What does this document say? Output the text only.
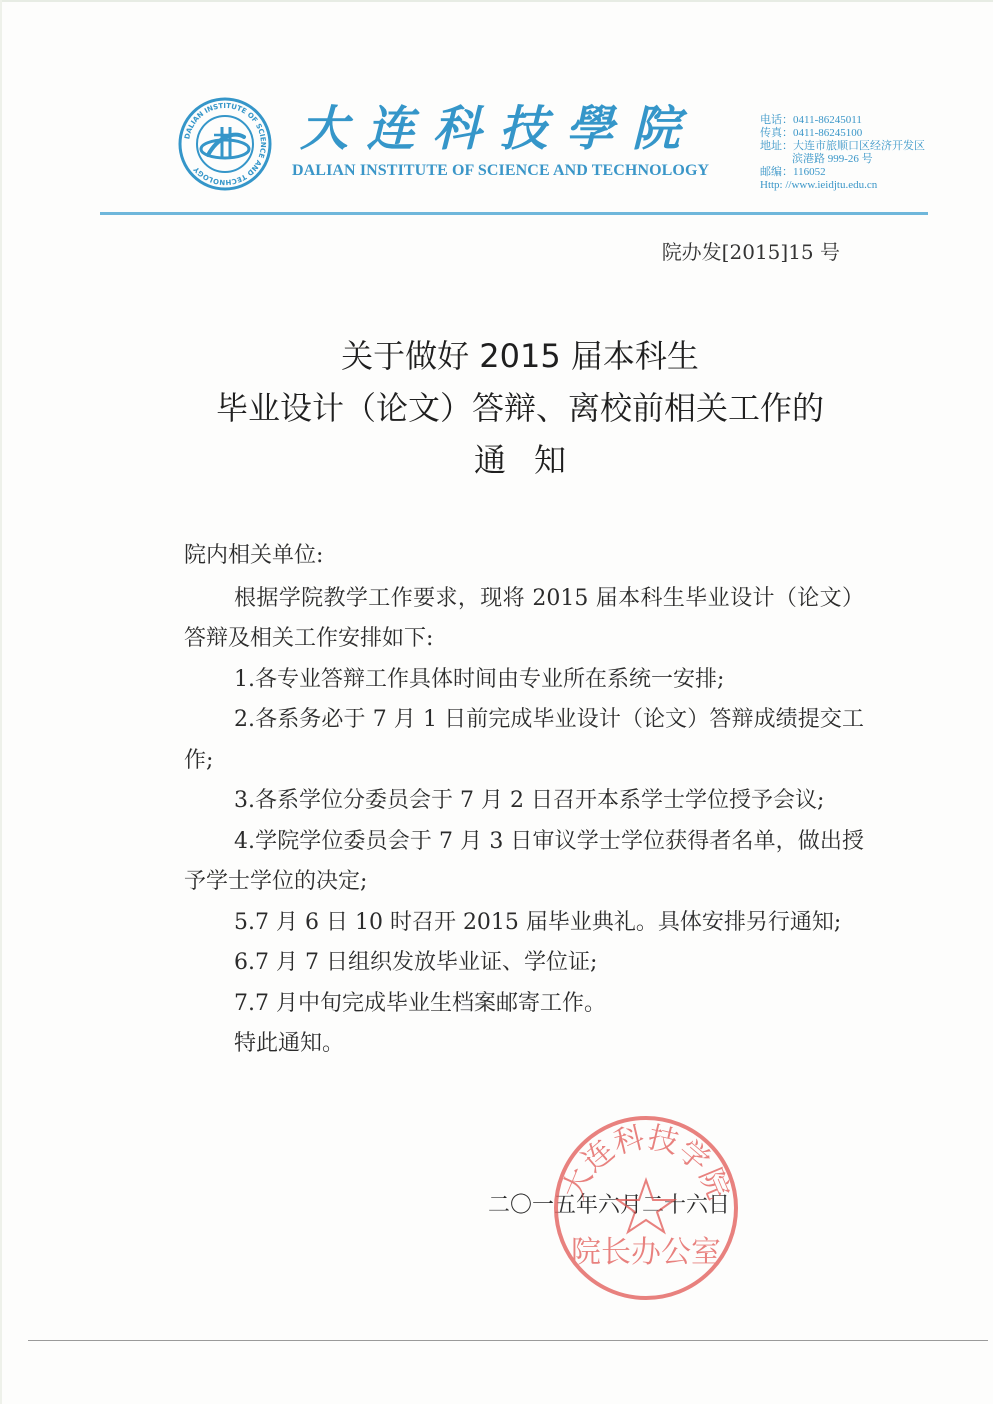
DALIAN INSTITUTE OF SCIENCE AND TECHNOLOGY
大 连 科 技 學 院
DALIAN INSTITUTE OF SCIENCE AND TECHNOLOGY
电话：0411-86245011
传真：0411-86245100
地址：大连市旅顺口区经济开发区
滨港路 999-26 号
邮编：116052
Http: //www.ieidjtu.edu.cn
院办发[2015]15 号
关于做好 2015 届本科生
毕业设计（论文）答辩、离校前相关工作的
通知

院内相关单位:

根据学院教学工作要求，现将 2015 届本科生毕业设计（论文）答辩及相关工作安排如下:

1.各专业答辩工作具体时间由专业所在系统一安排;

2.各系务必于 7 月 1 日前完成毕业设计（论文）答辩成绩提交工作;

3.各系学位分委员会于 7 月 2 日召开本系学士学位授予会议;

4.学院学位委员会于 7 月 3 日审议学士学位获得者名单，做出授予学士学位的决定;

5.7 月 6 日 10 时召开 2015 届毕业典礼。具体安排另行通知;

6.7 月 7 日组织发放毕业证、学位证;

7.7 月中旬完成毕业生档案邮寄工作。

特此通知。

二〇一五年六月二十六日
大连科技学院
院长办公室
